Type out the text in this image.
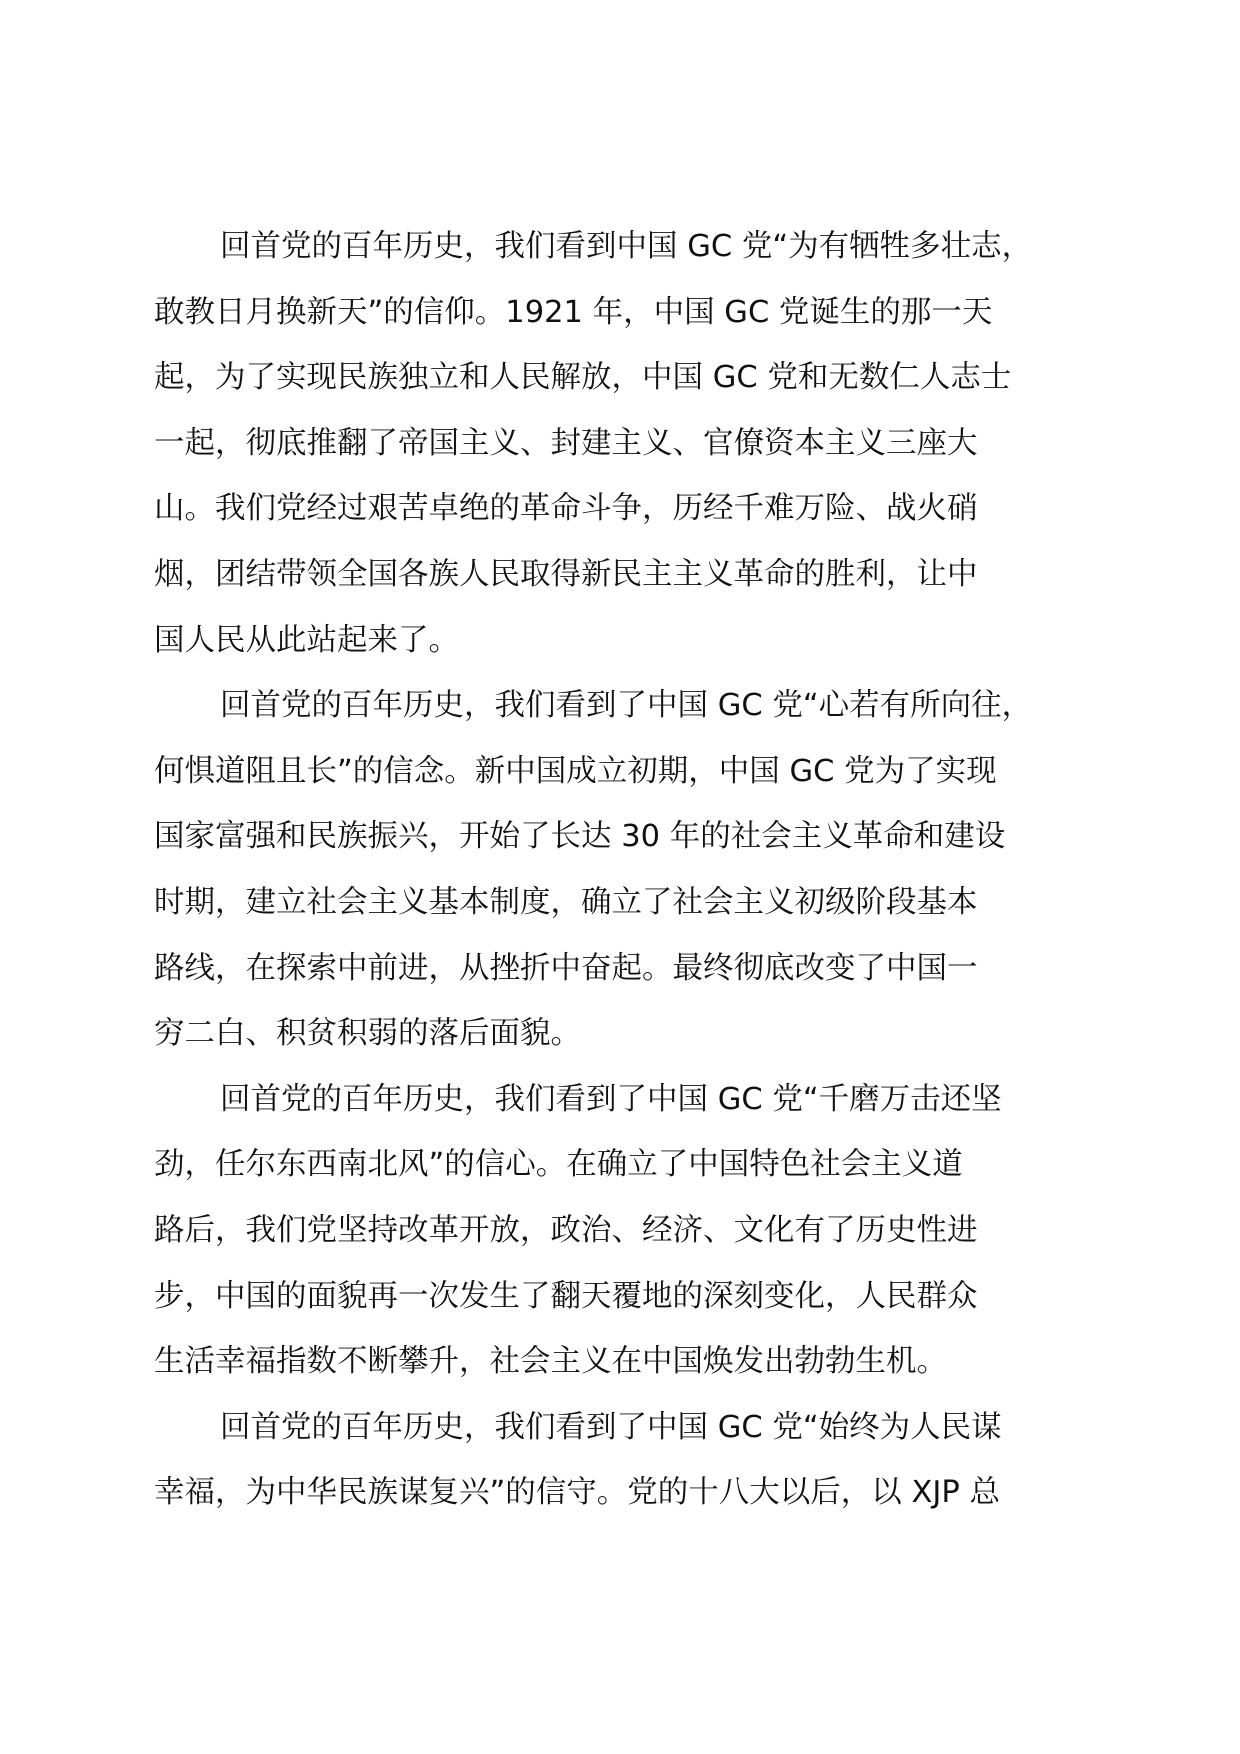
回首党的百年历史，我们看到中国 GC 党“为有牺牲多壮志，
敢教日月换新天”的信仰。1921 年，中国 GC 党诞生的那一天
起，为了实现民族独立和人民解放，中国 GC 党和无数仁人志士
一起，彻底推翻了帝国主义、封建主义、官僚资本主义三座大
山。我们党经过艰苦卓绝的革命斗争，历经千难万险、战火硝
烟，团结带领全国各族人民取得新民主主义革命的胜利，让中
国人民从此站起来了。
回首党的百年历史，我们看到了中国 GC 党“心若有所向往，
何惧道阻且长”的信念。新中国成立初期，中国 GC 党为了实现
国家富强和民族振兴，开始了长达 30 年的社会主义革命和建设
时期，建立社会主义基本制度，确立了社会主义初级阶段基本
路线，在探索中前进，从挫折中奋起。最终彻底改变了中国一
穷二白、积贫积弱的落后面貌。
回首党的百年历史，我们看到了中国 GC 党“千磨万击还坚
劲，任尔东西南北风”的信心。在确立了中国特色社会主义道
路后，我们党坚持改革开放，政治、经济、文化有了历史性进
步，中国的面貌再一次发生了翻天覆地的深刻变化，人民群众
生活幸福指数不断攀升，社会主义在中国焕发出勃勃生机。
回首党的百年历史，我们看到了中国 GC 党“始终为人民谋
幸福，为中华民族谋复兴”的信守。党的十八大以后，以 XJP 总
